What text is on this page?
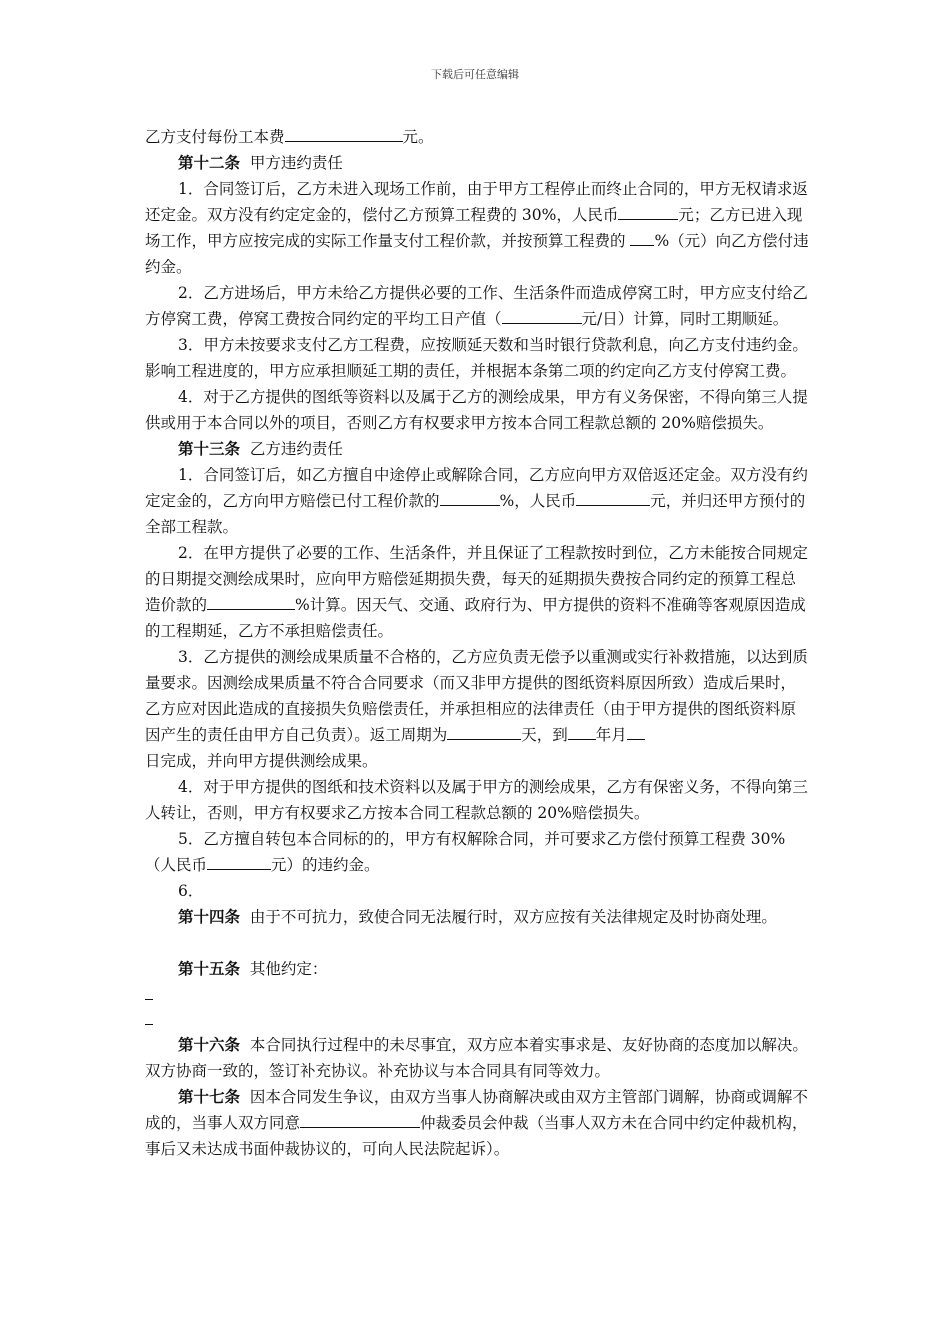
下载后可任意编辑

乙方支付每份工本费	元。

第十二条 甲方违约责任

1．合同签订后，乙方未进入现场工作前，由于甲方工程停止而终止合同的，甲方无权请求返还定金。双方没有约定定金的，偿付乙方预算工程费的 30%，人民币	元；乙方已进入现场工作，甲方应按完成的实际工作量支付工程价款，并按预算工程费的 %（元）向乙方偿付违约金。

2．乙方进场后，甲方未给乙方提供必要的工作、生活条件而造成停窝工时，甲方应支付给乙方停窝工费，停窝工费按合同约定的平均工日产值（	元/日）计算，同时工期顺延。

3．甲方未按要求支付乙方工程费，应按顺延天数和当时银行贷款利息，向乙方支付违约金。影响工程进度的，甲方应承担顺延工期的责任，并根据本条第二项的约定向乙方支付停窝工费。

4．对于乙方提供的图纸等资料以及属于乙方的测绘成果，甲方有义务保密，不得向第三人提供或用于本合同以外的项目，否则乙方有权要求甲方按本合同工程款总额的 20%赔偿损失。

第十三条 乙方违约责任

1．合同签订后，如乙方擅自中途停止或解除合同，乙方应向甲方双倍返还定金。双方没有约定定金的，乙方向甲方赔偿已付工程价款的	%，人民币	元，并归还甲方预付的全部工程款。

2．在甲方提供了必要的工作、生活条件，并且保证了工程款按时到位，乙方未能按合同规定的日期提交测绘成果时，应向甲方赔偿延期损失费，每天的延期损失费按合同约定的预算工程总造价款的	%计算。因天气、交通、政府行为、甲方提供的资料不准确等客观原因造成的工程期延，乙方不承担赔偿责任。

3．乙方提供的测绘成果质量不合格的，乙方应负责无偿予以重测或实行补救措施，以达到质量要求。因测绘成果质量不符合合同要求（而又非甲方提供的图纸资料原因所致）造成后果时，乙方应对因此造成的直接损失负赔偿责任，并承担相应的法律责任（由于甲方提供的图纸资料原因产生的责任由甲方自己负责）。返工周期为	天，到 年月

日完成，并向甲方提供测绘成果。

4．对于甲方提供的图纸和技术资料以及属于甲方的测绘成果，乙方有保密义务，不得向第三人转让，否则，甲方有权要求乙方按本合同工程款总额的 20%赔偿损失。

5．乙方擅自转包本合同标的的，甲方有权解除合同，并可要求乙方偿付预算工程费 30%（人民币	元）的违约金。

6．

第十四条 由于不可抗力，致使合同无法履行时，双方应按有关法律规定及时协商处理。

第十五条 其他约定：

第十六条 本合同执行过程中的未尽事宜，双方应本着实事求是、友好协商的态度加以解决。双方协商一致的，签订补充协议。补充协议与本合同具有同等效力。

第十七条 因本合同发生争议，由双方当事人协商解决或由双方主管部门调解，协商或调解不成的，当事人双方同意	仲裁委员会仲裁（当事人双方未在合同中约定仲裁机构，事后又未达成书面仲裁协议的，可向人民法院起诉）。
